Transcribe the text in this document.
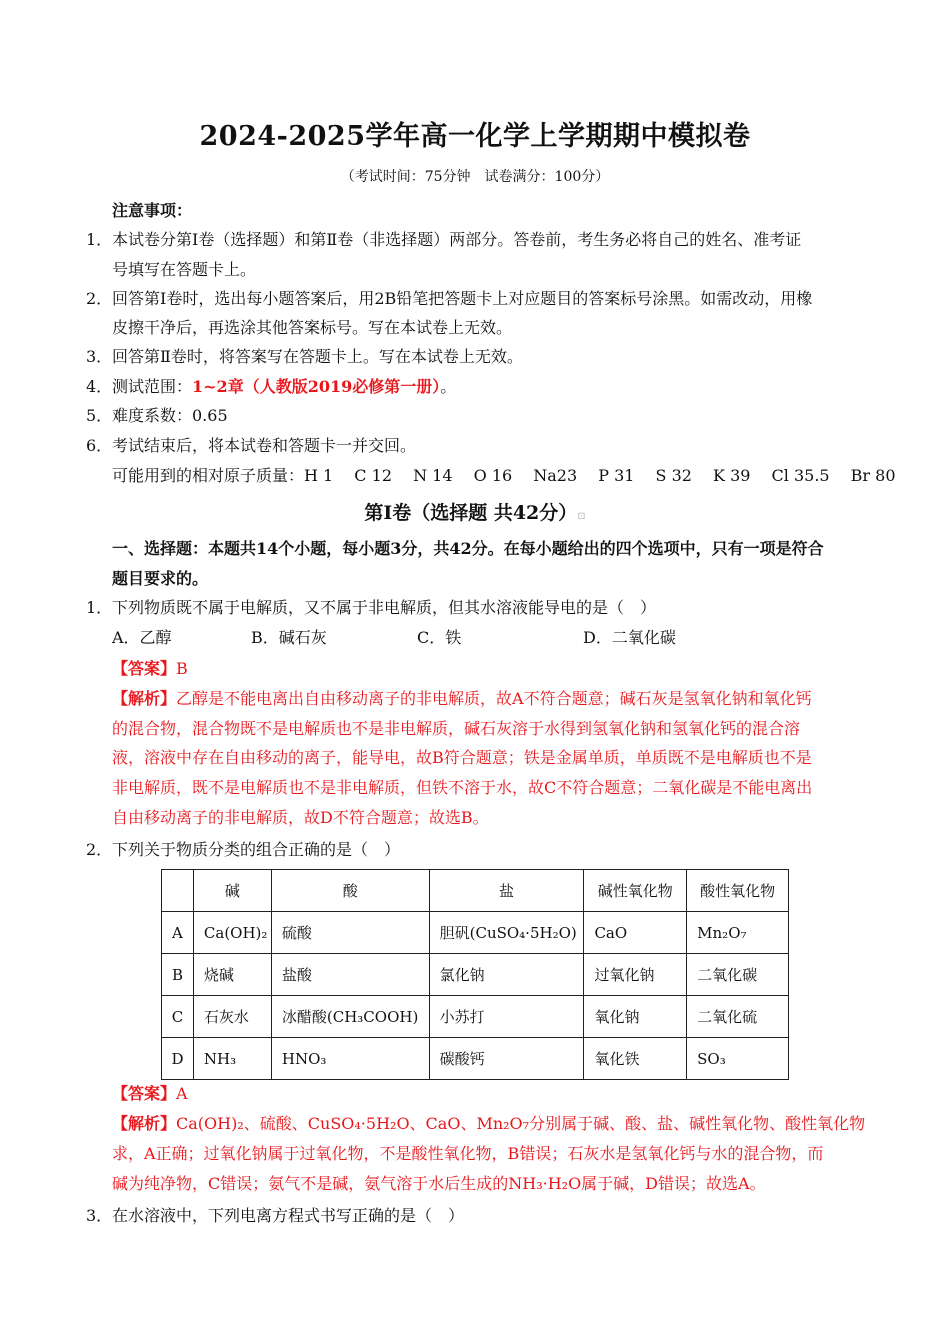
2024-2025学年高一化学上学期期中模拟卷
（考试时间：75分钟　试卷满分：100分）
注意事项：
1．本试卷分第Ⅰ卷（选择题）和第Ⅱ卷（非选择题）两部分。答卷前，考生务必将自己的姓名、准考证
号填写在答题卡上。
2．回答第Ⅰ卷时，选出每小题答案后，用2B铅笔把答题卡上对应题目的答案标号涂黑。如需改动，用橡
皮擦干净后，再选涂其他答案标号。写在本试卷上无效。
3．回答第Ⅱ卷时，将答案写在答题卡上。写在本试卷上无效。
4．测试范围：1~2章（人教版2019必修第一册）。
5．难度系数：0.65
6．考试结束后，将本试卷和答题卡一并交回。
可能用到的相对原子质量：H 1　 C 12　 N 14　 O 16　 Na23　 P 31　 S 32　 K 39　 Cl 35.5　 Br 80
第Ⅰ卷（选择题 共42分）⊡
一、选择题：本题共14个小题，每小题3分，共42分。在每小题给出的四个选项中，只有一项是符合
题目要求的。
1．下列物质既不属于电解质，又不属于非电解质，但其水溶液能导电的是（　）
A．乙醇	B．碱石灰	C．铁	D．二氧化碳
【答案】B
【解析】乙醇是不能电离出自由移动离子的非电解质，故A不符合题意；碱石灰是氢氧化钠和氧化钙
的混合物，混合物既不是电解质也不是非电解质，碱石灰溶于水得到氢氧化钠和氢氧化钙的混合溶
液，溶液中存在自由移动的离子，能导电，故B符合题意；铁是金属单质，单质既不是电解质也不是
非电解质，既不是电解质也不是非电解质，但铁不溶于水，故C不符合题意；二氧化碳是不能电离出
自由移动离子的非电解质，故D不符合题意；故选B。
2．下列关于物质分类的组合正确的是（　）
	碱	酸	盐	碱性氧化物	酸性氧化物
A	Ca(OH)₂	硫酸	胆矾(CuSO₄·5H₂O)	CaO	Mn₂O₇
B	烧碱	盐酸	氯化钠	过氧化钠	二氧化碳
C	石灰水	冰醋酸(CH₃COOH)	小苏打	氧化钠	二氧化硫
D	NH₃	HNO₃	碳酸钙	氧化铁	SO₃
【答案】A
【解析】Ca(OH)₂、硫酸、CuSO₄·5H₂O、CaO、Mn₂O₇分别属于碱、酸、盐、碱性氧化物、酸性氧化物
求，A正确；过氧化钠属于过氧化物，不是酸性氧化物，B错误；石灰水是氢氧化钙与水的混合物，而
碱为纯净物，C错误；氨气不是碱，氨气溶于水后生成的NH₃·H₂O属于碱，D错误；故选A。
3．在水溶液中，下列电离方程式书写正确的是（　）
